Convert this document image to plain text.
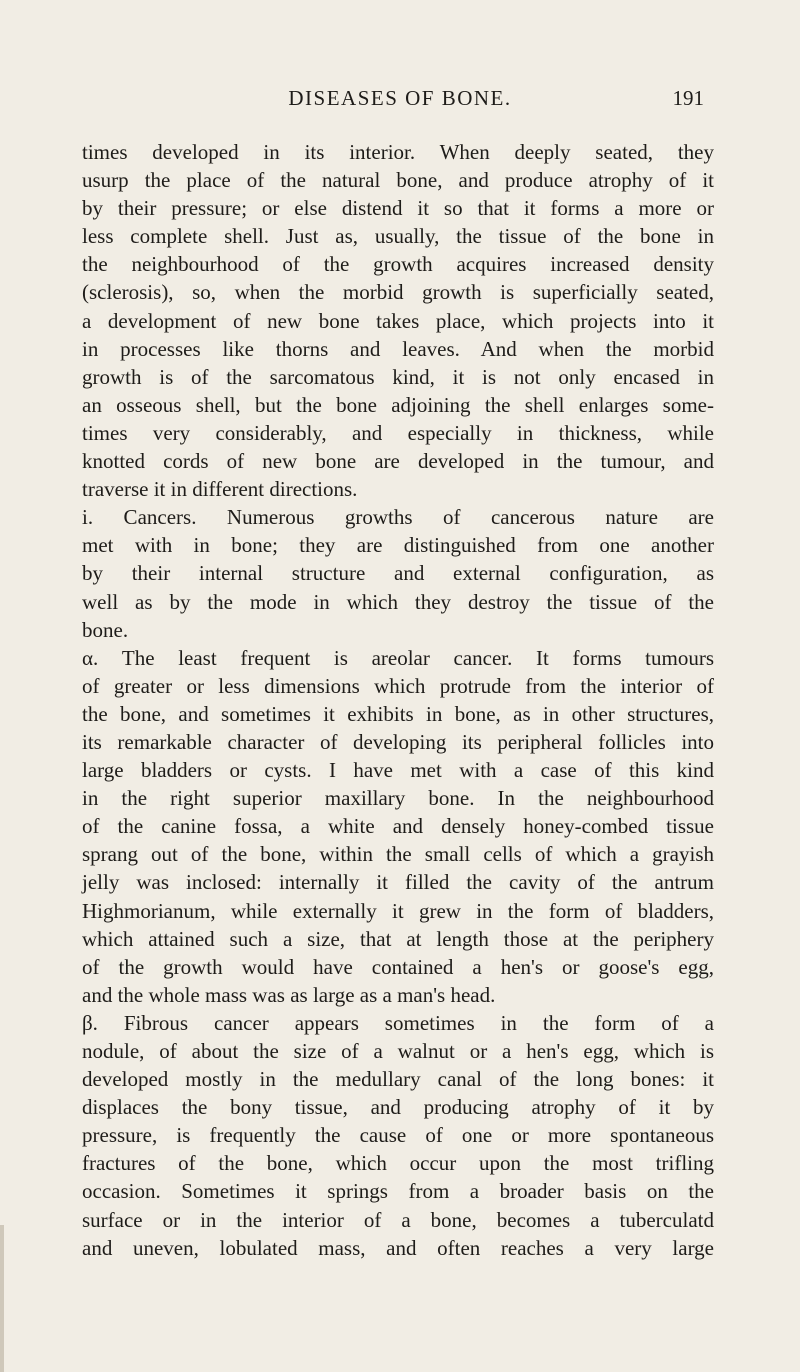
DISEASES OF BONE.	191
times developed in its interior. When deeply seated, they
usurp the place of the natural bone, and produce atrophy of it
by their pressure; or else distend it so that it forms a more or
less complete shell. Just as, usually, the tissue of the bone in
the neighbourhood of the growth acquires increased density
(sclerosis), so, when the morbid growth is superficially seated,
a development of new bone takes place, which projects into it
in processes like thorns and leaves. And when the morbid
growth is of the sarcomatous kind, it is not only encased in
an osseous shell, but the bone adjoining the shell enlarges some-
times very considerably, and especially in thickness, while
knotted cords of new bone are developed in the tumour, and
traverse it in different directions.
i. Cancers. Numerous growths of cancerous nature are
met with in bone; they are distinguished from one another
by their internal structure and external configuration, as
well as by the mode in which they destroy the tissue of the
bone.
α. The least frequent is areolar cancer. It forms tumours
of greater or less dimensions which protrude from the interior of
the bone, and sometimes it exhibits in bone, as in other structures,
its remarkable character of developing its peripheral follicles into
large bladders or cysts. I have met with a case of this kind
in the right superior maxillary bone. In the neighbourhood
of the canine fossa, a white and densely honey-combed tissue
sprang out of the bone, within the small cells of which a grayish
jelly was inclosed: internally it filled the cavity of the antrum
Highmorianum, while externally it grew in the form of bladders,
which attained such a size, that at length those at the periphery
of the growth would have contained a hen's or goose's egg,
and the whole mass was as large as a man's head.
β. Fibrous cancer appears sometimes in the form of a
nodule, of about the size of a walnut or a hen's egg, which is
developed mostly in the medullary canal of the long bones: it
displaces the bony tissue, and producing atrophy of it by
pressure, is frequently the cause of one or more spontaneous
fractures of the bone, which occur upon the most trifling
occasion. Sometimes it springs from a broader basis on the
surface or in the interior of a bone, becomes a tuberculatd
and uneven, lobulated mass, and often reaches a very large
